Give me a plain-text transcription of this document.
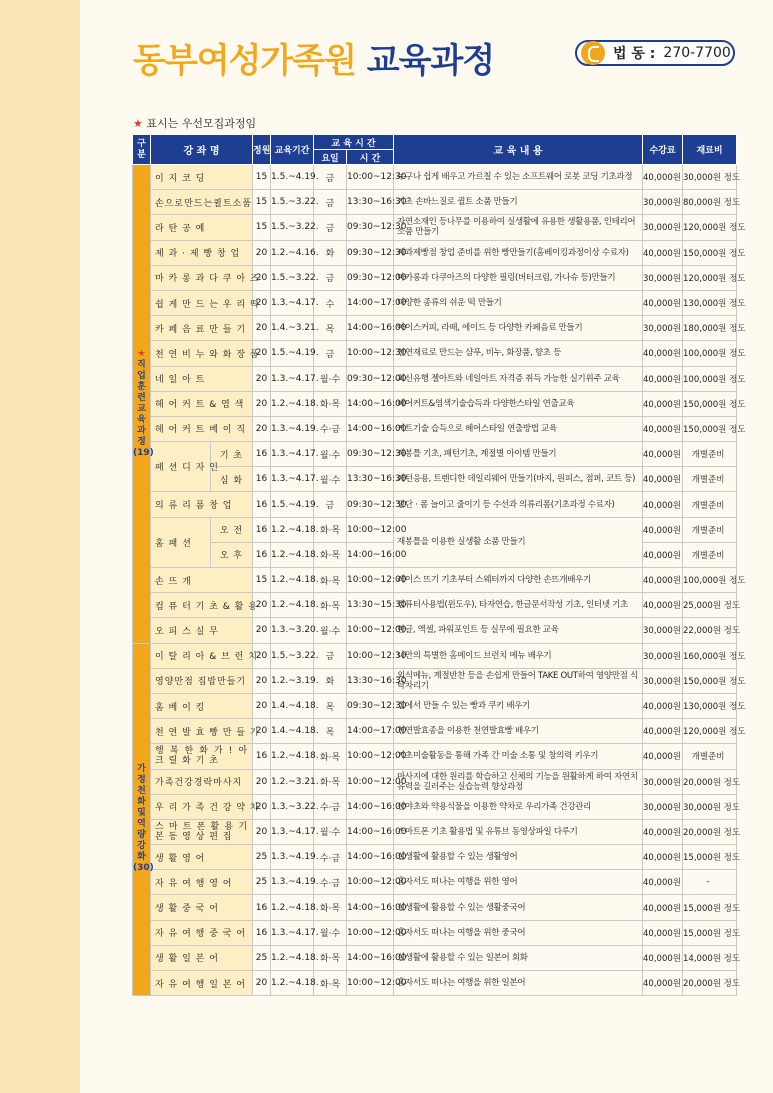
동부여성가족원 교육과정	법 동 : 270-7700
★ 표시는 우선모집과정임
구분	강 좌 명		정원	교육기간	교 육 시 간		교 육 내 용	수강료	재료비
					요일	시 간			
★
직업훈련교육과정
(19)	이 지 코 딩		15	1.5.~4.19.	금	10:00~12:30	누구나 쉽게 배우고 가르칠 수 있는 소프트웨어 로봇 코딩 기초과정	40,000원	30,000원 정도
	손으로만드는퀼트소품		15	1.5.~3.22.	금	13:30~16:30	기초 손바느질로 퀼트 소품 만들기	30,000원	80,000원 정도
	라 탄 공 예		15	1.5.~3.22.	금	09:30~12:30	자연소재인 등나무를 이용하여 실생활에 유용한 생활용품, 인테리어소품 만들기	30,000원	120,000원 정도
	제 과 · 제 빵 창 업		20	1.2.~4.16.	화	09:30~12:30	제과제빵점 창업 준비를 위한 빵만들기(홈베이킹과정이상 수료자)	40,000원	150,000원 정도
	마 카 롱 과 다 쿠 아 즈		20	1.5.~3.22.	금	09:30~12:00	마카롱과 다쿠아즈의 다양한 필링(버터크림, 가나슈 등)만들기	30,000원	120,000원 정도
	쉽 게 만 드 는 우 리 떡		20	1.3.~4.17.	수	14:00~17:00	다양한 종류의 쉬운 떡 만들기	40,000원	130,000원 정도
	카 페 음 료 만 들 기		20	1.4.~3.21.	목	14:00~16:00	아이스커피, 라떼, 에이드 등 다양한 카페음료 만들기	30,000원	180,000원 정도
	천 연 비 누 와 화 장 품		20	1.5.~4.19.	금	10:00~12:30	천연재료로 만드는 샴푸, 비누, 화장품, 향초 등	40,000원	100,000원 정도
	네 일 아 트		20	1.3.~4.17.	월·수	09:30~12:00	최신유행 젤아트와 네일아트 자격증 취득 가능한 실기위주 교육	40,000원	100,000원 정도
	헤 어 커 트 & 염 색		20	1.2.~4.18.	화·목	14:00~16:00	헤어커트&염색기술습득과 다양한스타일 연출교육	40,000원	150,000원 정도
	헤 어 커 트 베 이 직		20	1.3.~4.19.	수·금	14:00~16:00	커트기술 습득으로 헤어스타일 연출방법 교육	40,000원	150,000원 정도
	패 션 디 자 인	기 초	16	1.3.~4.17.	월·수	09:30~12:30	재봉틀 기초, 패턴기초, 계절별 아이템 만들기	40,000원	개별준비
		심 화	16	1.3.~4.17.	월·수	13:30~16:30	패턴응용, 트렌디한 데일리웨어 만들기(바지, 원피스, 점퍼, 코트 등)	40,000원	개별준비
	의 류 리 폼 창 업		16	1.5.~4.19.	금	09:30~12:30	밑단 · 폼 늘이고 줄이기 등 수선과 의류리폼(기초과정 수료자)	40,000원	개별준비
	홈 패 션	오 전	16	1.2.~4.18.	화·목	10:00~12:00	재봉틀을 이용한 실생활 소품 만들기	40,000원	개별준비
		오 후	16	1.2.~4.18.	화·목	14:00~16:00		40,000원	개별준비
	손 뜨 개		15	1.2.~4.18.	화·목	10:00~12:00	레이스 뜨기 기초부터 스웨터까지 다양한 손뜨개배우기	40,000원	100,000원 정도
	컴 퓨 터 기 초 & 활 용		20	1.2.~4.18.	화·목	13:30~15:30	컴퓨터사용법(윈도우), 타자연습, 한글문서작성 기초, 인터넷 기초	40,000원	25,000원 정도
	오 피 스 실 무		20	1.3.~3.20.	월·수	10:00~12:00	한글, 엑셀, 파워포인트 등 실무에 필요한 교육	30,000원	22,000원 정도
가정천화및역량강화
(30)	이 탈 리 아 & 브 런 치		20	1.5.~3.22.	금	10:00~12:30	나만의 특별한 홈메이드 브런치 메뉴 배우기	30,000원	160,000원 정도
	영양만점 집밥만들기		20	1.2.~3.19.	화	13:30~16:30	외식메뉴, 계절반찬 등을 손쉽게 만들어 TAKE OUT하여 영양만점 식탁차리기	30,000원	150,000원 정도
	홈 베 이 킹		20	1.4.~4.18.	목	09:30~12:30	집에서 만들 수 있는 빵과 쿠키 배우기	40,000원	130,000원 정도
	천 연 발 효 빵 만 들 기		20	1.4.~4.18.	목	14:00~17:00	천연발효종을 이용한 천연발효빵 배우기	40,000원	120,000원 정도
	행 복 한 화 가 ! 아 크 릴 화 기 초		16	1.2.~4.18.	화·목	10:00~12:00	기초미술활동을 통해 가족 간 미술 소통 및 창의력 키우기	40,000원	개별준비
	가족건강경락마사지		20	1.2.~3.21.	화·목	10:00~12:00	마사지에 대한 원리를 학습하고 신체의 기능을 원활하게 하여 자연치유력을 길러주는 실습능력 향상과정	30,000원	20,000원 정도
	우 리 가 족 건 강 약 차		20	1.3.~3.22.	수·금	14:00~16:00	산야초와 약용식물을 이용한 약차로 우리가족 건강관리	30,000원	30,000원 정도
	스 마 트 폰 활 용 기 본 동 영 상 편 집		20	1.3.~4.17.	월·수	14:00~16:00	스마트폰 기초 활용법 및 유튜브 동영상파일 다루기	40,000원	20,000원 정도
	생 활 영 어		25	1.3.~4.19.	수·금	14:00~16:00	실생활에 활용할 수 있는 생활영어	40,000원	15,000원 정도
	자 유 여 행 영 어		25	1.3.~4.19.	수·금	10:00~12:00	혼자서도 떠나는 여행을 위한 영어	40,000원	-
	생 활 중 국 어		16	1.2.~4.18.	화·목	14:00~16:00	실생활에 활용할 수 있는 생활중국어	40,000원	15,000원 정도
	자 유 여 행 중 국 어		16	1.3.~4.17.	월·수	10:00~12:00	혼자서도 떠나는 여행을 위한 중국어	40,000원	15,000원 정도
	생 활 일 본 어		25	1.2.~4.18.	화·목	14:00~16:00	실생활에 활용할 수 있는 일본어 회화	40,000원	14,000원 정도
	자 유 여 행 일 본 어		20	1.2.~4.18.	화·목	10:00~12:00	혼자서도 떠나는 여행을 위한 일본어	40,000원	20,000원 정도
